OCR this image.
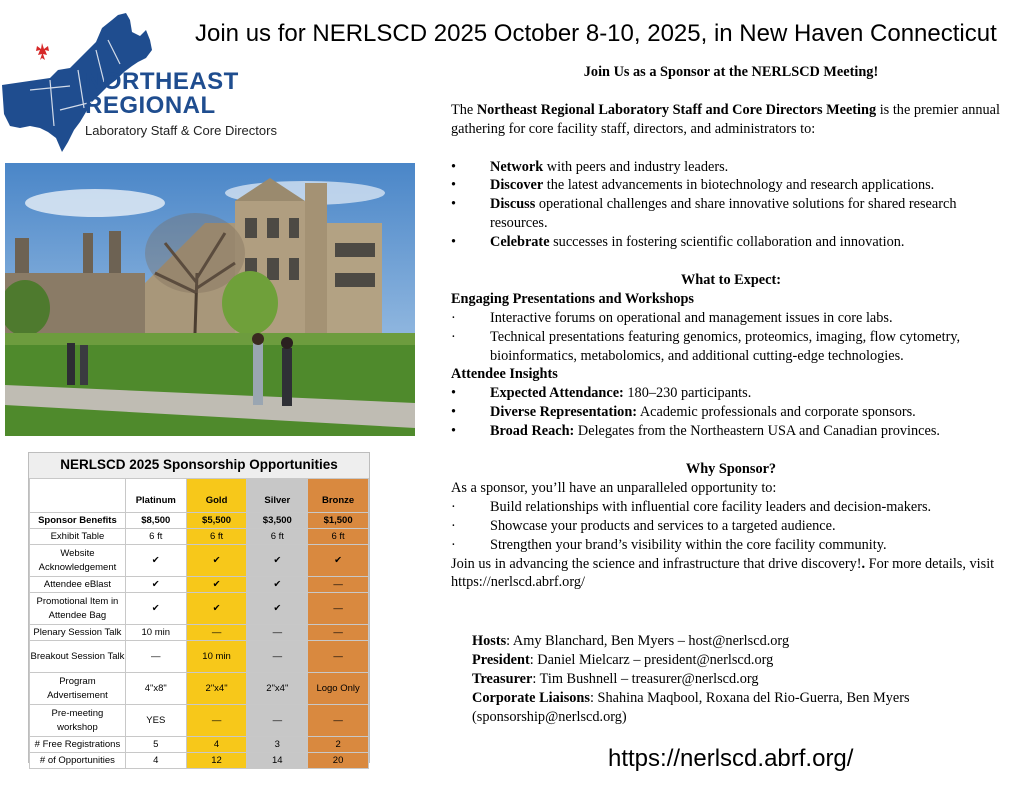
Join us for NERLSCD 2025 October 8-10, 2025, in New Haven Connecticut
NORTHEAST
REGIONAL
Laboratory Staff & Core Directors
NERLSCD 2025 Sponsorship Opportunities
	Platinum	Gold	Silver	Bronze
Sponsor Benefits	$8,500	$5,500	$3,500	$1,500
Exhibit Table	6 ft	6 ft	6 ft	6 ft
Website Acknowledgement	✔	✔	✔	✔
Attendee eBlast	✔	✔	✔	—
Promotional Item in Attendee Bag	✔	✔	✔	—
Plenary Session Talk	10 min	—	—	—
Breakout Session Talk	—	10 min	—	—
Program Advertisement	4"x8"	2"x4"	2"x4"	Logo Only
Pre-meeting workshop	YES	—	—	—
# Free Registrations	5	4	3	2
# of Opportunities	4	12	14	20

Join Us as a Sponsor at the NERLSCD Meeting!

The Northeast Regional Laboratory Staff and Core Directors Meeting is the premier annual gathering for core facility staff, directors, and administrators to:

• Network with peers and industry leaders.
• Discover the latest advancements in biotechnology and research applications.
• Discuss operational challenges and share innovative solutions for shared research resources.
• Celebrate successes in fostering scientific collaboration and innovation.

What to Expect:

Engaging Presentations and Workshops

· Interactive forums on operational and management issues in core labs.
· Technical presentations featuring genomics, proteomics, imaging, flow cytometry, bioinformatics, metabolomics, and additional cutting-edge technologies.

Attendee Insights

• Expected Attendance: 180–230 participants.
• Diverse Representation: Academic professionals and corporate sponsors.
• Broad Reach: Delegates from the Northeastern USA and Canadian provinces.

Why Sponsor?

As a sponsor, you’ll have an unparalleled opportunity to:

· Build relationships with influential core facility leaders and decision-makers.
· Showcase your products and services to a targeted audience.
· Strengthen your brand’s visibility within the core facility community.

Join us in advancing the science and infrastructure that drive discovery!. For more details, visit https://nerlscd.abrf.org/

Hosts: Amy Blanchard, Ben Myers – host@nerlscd.org

President: Daniel Mielcarz – president@nerlscd.org

Treasurer: Tim Bushnell – treasurer@nerlscd.org

Corporate Liaisons: Shahina Maqbool, Roxana del Rio-Guerra, Ben Myers (sponsorship@nerlscd.org)

https://nerlscd.abrf.org/
